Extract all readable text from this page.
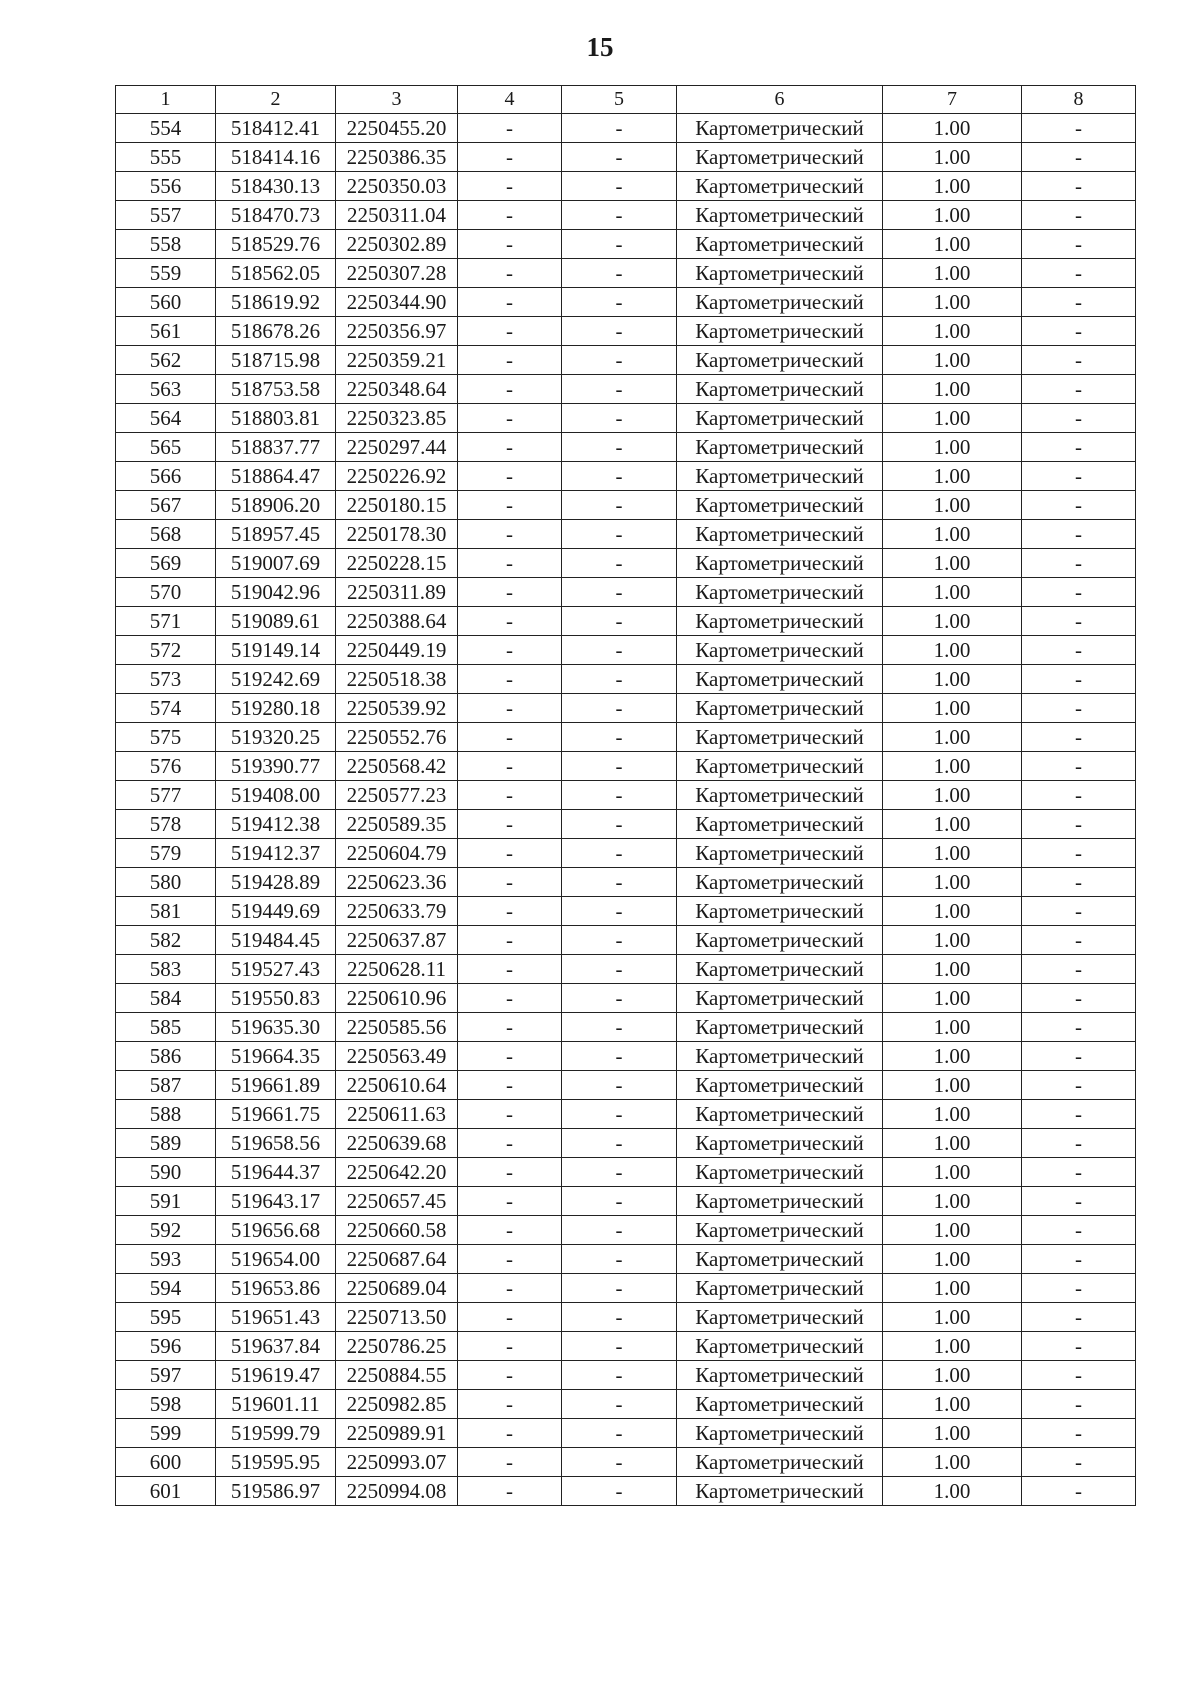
15
1	2	3	4	5	6	7	8
554	518412.41	2250455.20	-	-	Картометрический	1.00	-
555	518414.16	2250386.35	-	-	Картометрический	1.00	-
556	518430.13	2250350.03	-	-	Картометрический	1.00	-
557	518470.73	2250311.04	-	-	Картометрический	1.00	-
558	518529.76	2250302.89	-	-	Картометрический	1.00	-
559	518562.05	2250307.28	-	-	Картометрический	1.00	-
560	518619.92	2250344.90	-	-	Картометрический	1.00	-
561	518678.26	2250356.97	-	-	Картометрический	1.00	-
562	518715.98	2250359.21	-	-	Картометрический	1.00	-
563	518753.58	2250348.64	-	-	Картометрический	1.00	-
564	518803.81	2250323.85	-	-	Картометрический	1.00	-
565	518837.77	2250297.44	-	-	Картометрический	1.00	-
566	518864.47	2250226.92	-	-	Картометрический	1.00	-
567	518906.20	2250180.15	-	-	Картометрический	1.00	-
568	518957.45	2250178.30	-	-	Картометрический	1.00	-
569	519007.69	2250228.15	-	-	Картометрический	1.00	-
570	519042.96	2250311.89	-	-	Картометрический	1.00	-
571	519089.61	2250388.64	-	-	Картометрический	1.00	-
572	519149.14	2250449.19	-	-	Картометрический	1.00	-
573	519242.69	2250518.38	-	-	Картометрический	1.00	-
574	519280.18	2250539.92	-	-	Картометрический	1.00	-
575	519320.25	2250552.76	-	-	Картометрический	1.00	-
576	519390.77	2250568.42	-	-	Картометрический	1.00	-
577	519408.00	2250577.23	-	-	Картометрический	1.00	-
578	519412.38	2250589.35	-	-	Картометрический	1.00	-
579	519412.37	2250604.79	-	-	Картометрический	1.00	-
580	519428.89	2250623.36	-	-	Картометрический	1.00	-
581	519449.69	2250633.79	-	-	Картометрический	1.00	-
582	519484.45	2250637.87	-	-	Картометрический	1.00	-
583	519527.43	2250628.11	-	-	Картометрический	1.00	-
584	519550.83	2250610.96	-	-	Картометрический	1.00	-
585	519635.30	2250585.56	-	-	Картометрический	1.00	-
586	519664.35	2250563.49	-	-	Картометрический	1.00	-
587	519661.89	2250610.64	-	-	Картометрический	1.00	-
588	519661.75	2250611.63	-	-	Картометрический	1.00	-
589	519658.56	2250639.68	-	-	Картометрический	1.00	-
590	519644.37	2250642.20	-	-	Картометрический	1.00	-
591	519643.17	2250657.45	-	-	Картометрический	1.00	-
592	519656.68	2250660.58	-	-	Картометрический	1.00	-
593	519654.00	2250687.64	-	-	Картометрический	1.00	-
594	519653.86	2250689.04	-	-	Картометрический	1.00	-
595	519651.43	2250713.50	-	-	Картометрический	1.00	-
596	519637.84	2250786.25	-	-	Картометрический	1.00	-
597	519619.47	2250884.55	-	-	Картометрический	1.00	-
598	519601.11	2250982.85	-	-	Картометрический	1.00	-
599	519599.79	2250989.91	-	-	Картометрический	1.00	-
600	519595.95	2250993.07	-	-	Картометрический	1.00	-
601	519586.97	2250994.08	-	-	Картометрический	1.00	-
